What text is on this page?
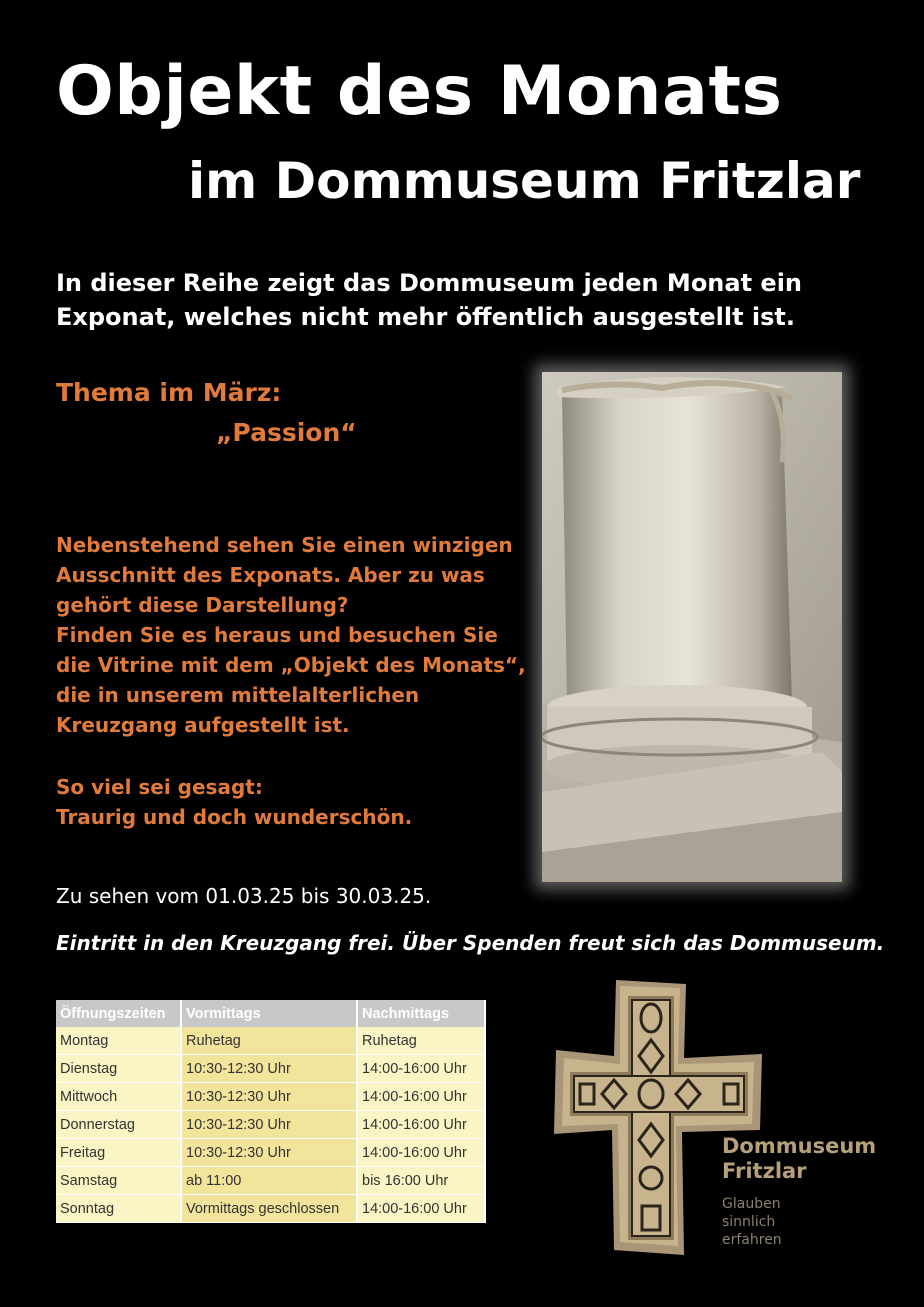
Objekt des Monats
im Dommuseum Fritzlar
In dieser Reihe zeigt das Dommuseum jeden Monat ein Exponat, welches nicht mehr öffentlich ausgestellt ist.
Thema im März:
„Passion“
Nebenstehend sehen Sie einen winzigen
Ausschnitt des Exponats. Aber zu was
gehört diese Darstellung?
Finden Sie es heraus und besuchen Sie
die Vitrine mit dem „Objekt des Monats“,
die in unserem mittelalterlichen
Kreuzgang aufgestellt ist.
So viel sei gesagt:
Traurig und doch wunderschön.
Zu sehen vom 01.03.25 bis 30.03.25.
Eintritt in den Kreuzgang frei. Über Spenden freut sich das Dommuseum.
Öffnungszeiten	Vormittags	Nachmittags
Montag	Ruhetag	Ruhetag
Dienstag	10:30-12:30 Uhr	14:00-16:00 Uhr
Mittwoch	10:30-12:30 Uhr	14:00-16:00 Uhr
Donnerstag	10:30-12:30 Uhr	14:00-16:00 Uhr
Freitag	10:30-12:30 Uhr	14:00-16:00 Uhr
Samstag	ab 11:00	bis 16:00 Uhr
Sonntag	Vormittags geschlossen	14:00-16:00 Uhr
Dommuseum
Fritzlar
Glauben
sinnlich
erfahren
